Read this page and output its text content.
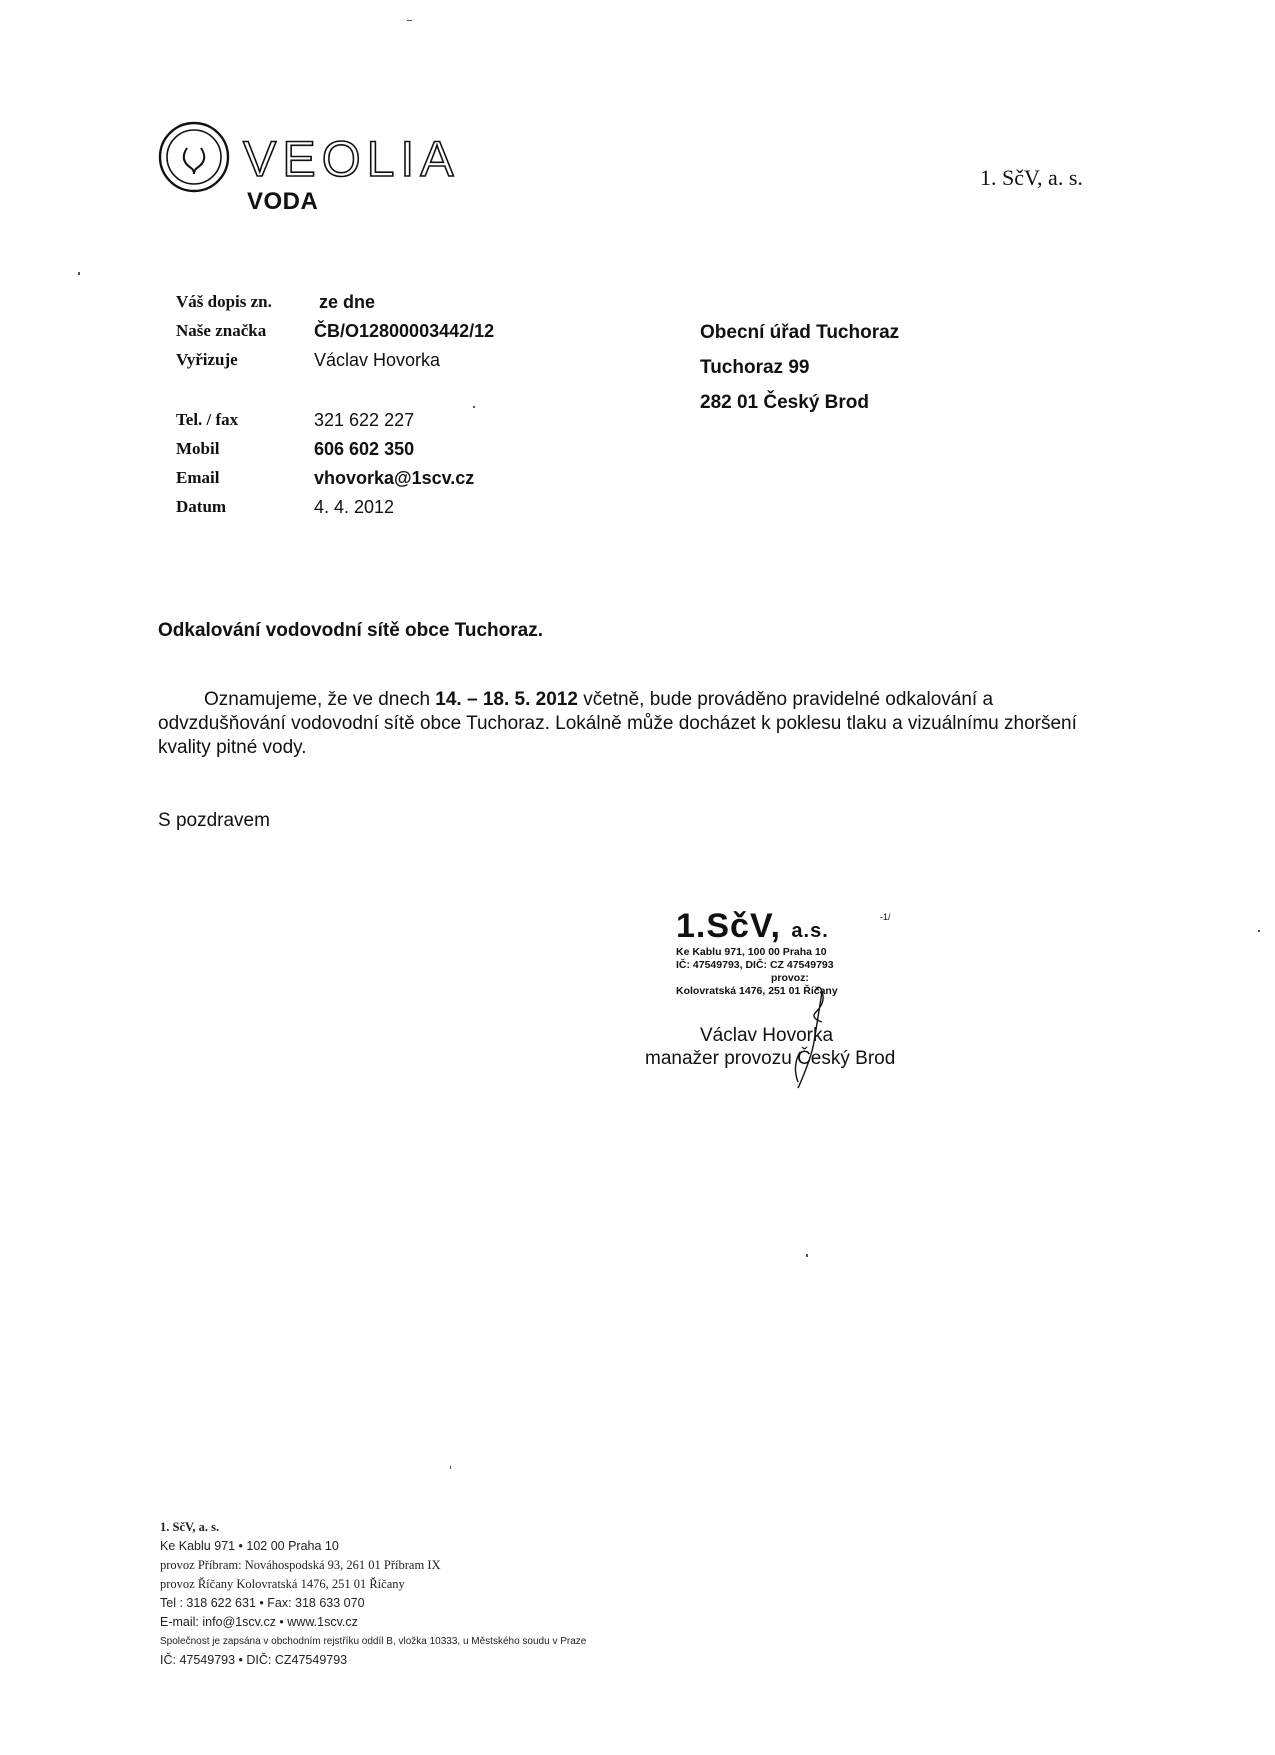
VEOLIA
VODA
1. SčV, a. s.
Váš dopis zn.	ze dne
Naše značka	ČB/O12800003442/12
Vyřizuje	Václav Hovorka
Tel. / fax	321 622 227
Mobil	606 602 350
Email	vhovorka@1scv.cz
Datum	4. 4. 2012
Obecní úřad Tuchoraz
Tuchoraz 99
282 01 Český Brod
Odkalování vodovodní sítě obce Tuchoraz.
Oznamujeme, že ve dnech 14. – 18. 5. 2012 včetně, bude prováděno pravidelné odkalování a odvzdušňování vodovodní sítě obce Tuchoraz. Lokálně může docházet k poklesu tlaku a vizuálnímu zhoršení kvality pitné vody.
S pozdravem
1.SčV, a.s.
Ke Kablu 971, 100 00 Praha 10
IČ: 47549793, DIČ: CZ 47549793
provoz:
Kolovratská 1476, 251 01 Říčany
-1/
Václav Hovorka
manažer provozu Český Brod
1. SčV, a. s.
Ke Kablu 971 • 102 00 Praha 10
provoz Příbram: Nováhospodská 93, 261 01 Příbram IX
provoz Říčany Kolovratská 1476, 251 01 Říčany
Tel : 318 622 631 • Fax: 318 633 070
E-mail: info@1scv.cz • www.1scv.cz
Společnost je zapsána v obchodním rejstříku oddíl B, vložka 10333, u Městského soudu v Praze
IČ: 47549793 • DIČ: CZ47549793
